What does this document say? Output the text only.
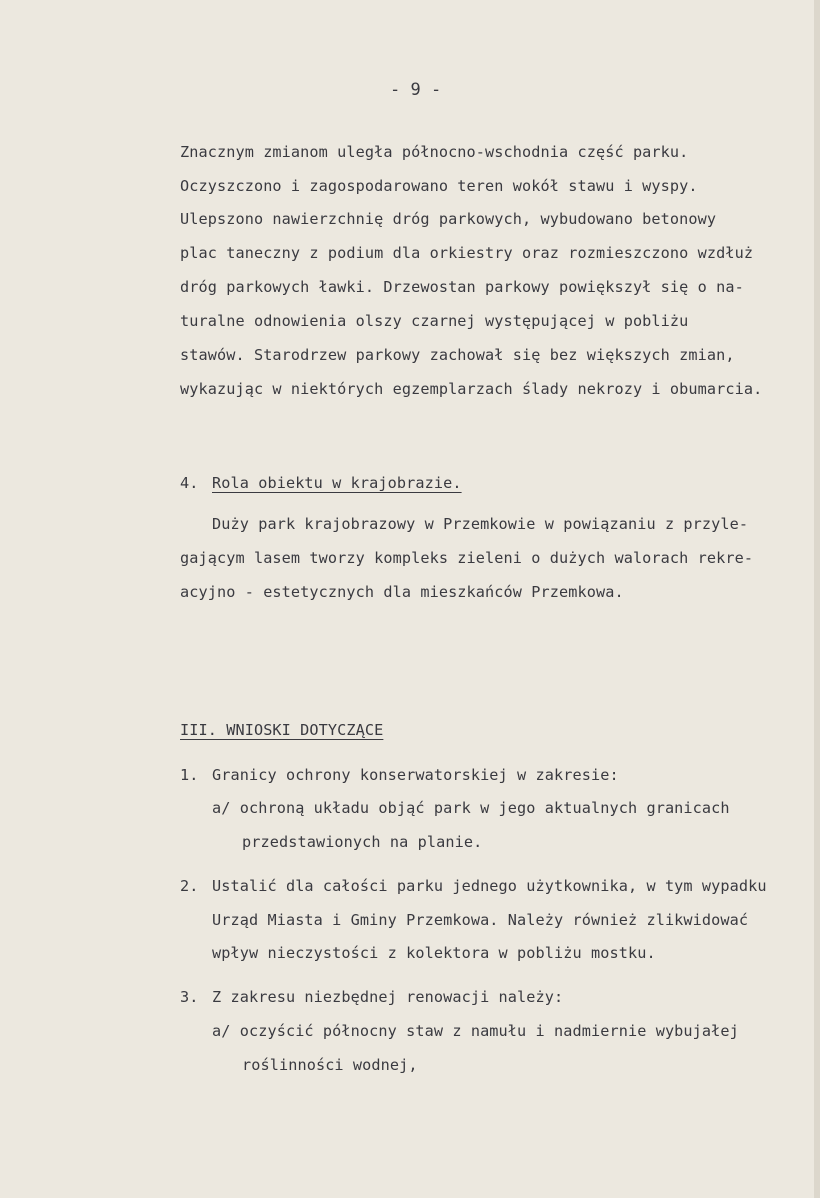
- 9 -
Znacznym zmianom uległa północno-wschodnia część parku.
Oczyszczono i zagospodarowano teren wokół stawu i wyspy.
Ulepszono nawierzchnię dróg parkowych, wybudowano betonowy
plac taneczny z podium dla orkiestry oraz rozmieszczono wzdłuż
dróg parkowych ławki. Drzewostan parkowy powiększył się o na-
turalne odnowienia olszy czarnej występującej w pobliżu
stawów. Starodrzew parkowy zachował się bez większych zmian,
wykazując w niektórych egzemplarzach ślady nekrozy i obumarcia.
4. Rola obiektu w krajobrazie.
Duży park krajobrazowy w Przemkowie w powiązaniu z przyle-
gającym lasem tworzy kompleks zieleni o dużych walorach rekre-
acyjno - estetycznych dla mieszkańców Przemkowa.
III. WNIOSKI DOTYCZĄCE
1. Granicy ochrony konserwatorskiej w zakresie:
a/ ochroną układu objąć park w jego aktualnych granicach
przedstawionych na planie.
2. Ustalić dla całości parku jednego użytkownika, w tym wypadku
Urząd Miasta i Gminy Przemkowa. Należy również zlikwidować
wpływ nieczystości z kolektora w pobliżu mostku.
3. Z zakresu niezbędnej renowacji należy:
a/ oczyścić północny staw z namułu i nadmiernie wybujałej
roślinności wodnej,
